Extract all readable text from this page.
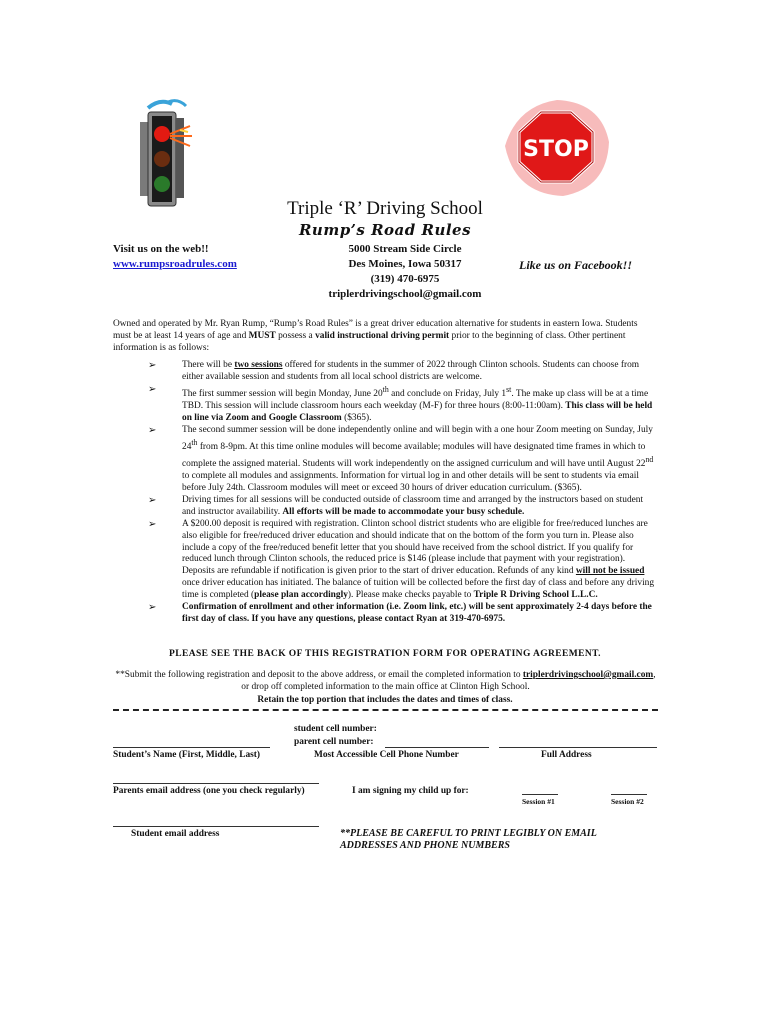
STOP
Triple ‘R’ Driving School
Rump’s Road Rules
Visit us on the web!!
www.rumpsroadrules.com
5000 Stream Side Circle
Des Moines, Iowa 50317
(319) 470-6975
triplerdrivingschool@gmail.com
Like us on Facebook!!
Owned and operated by Mr. Ryan Rump, “Rump’s Road Rules” is a great driver education alternative for students in eastern Iowa. Students must be at least 14 years of age and MUST possess a valid instructional driving permit prior to the beginning of class. Other pertinent information is as follows:
➢	There will be two sessions offered for students in the summer of 2022 through Clinton schools. Students can choose from either available session and students from all local school districts are welcome.
➢	The first summer session will begin Monday, June 20th and conclude on Friday, July 1st. The make up class will be at a time TBD. This session will include classroom hours each weekday (M-F) for three hours (8:00-11:00am). This class will be held on line via Zoom and Google Classroom ($365).
➢	The second summer session will be done independently online and will begin with a one hour Zoom meeting on Sunday, July 24th from 8-9pm. At this time online modules will become available; modules will have designated time frames in which to complete the assigned material. Students will work independently on the assigned curriculum and will have until August 22nd to complete all modules and assignments. Information for virtual log in and other details will be sent to students via email before July 24th. Classroom modules will meet or exceed 30 hours of driver education curriculum. ($365).
➢	Driving times for all sessions will be conducted outside of classroom time and arranged by the instructors based on student and instructor availability. All efforts will be made to accommodate your busy schedule.
➢	A $200.00 deposit is required with registration. Clinton school district students who are eligible for free/reduced lunches are also eligible for free/reduced driver education and should indicate that on the bottom of the form you turn in. Please also include a copy of the free/reduced benefit letter that you should have received from the school district. If you qualify for reduced lunch through Clinton schools, the reduced price is $146 (please include that payment with your registration). Deposits are refundable if notification is given prior to the start of driver education. Refunds of any kind will not be issued once driver education has initiated. The balance of tuition will be collected before the first day of class and before any driving time is completed (please plan accordingly). Please make checks payable to Triple R Driving School L.L.C.
➢	Confirmation of enrollment and other information (i.e. Zoom link, etc.) will be sent approximately 2-4 days before the first day of class. If you have any questions, please contact Ryan at 319-470-6975.
PLEASE SEE THE BACK OF THIS REGISTRATION FORM FOR OPERATING AGREEMENT.
**Submit the following registration and deposit to the above address, or email the completed information to triplerdrivingschool@gmail.com, or drop off completed information to the main office at Clinton High School.
Retain the top portion that includes the dates and times of class.
student cell number:
parent cell number:
Student’s Name (First, Middle, Last)	Most Accessible Cell Phone Number	Full Address
Parents email address (one you check regularly)	I am signing my child up for:
Session #1	Session #2
Student email address	**PLEASE BE CAREFUL TO PRINT LEGIBLY ON EMAIL ADDRESSES AND PHONE NUMBERS
